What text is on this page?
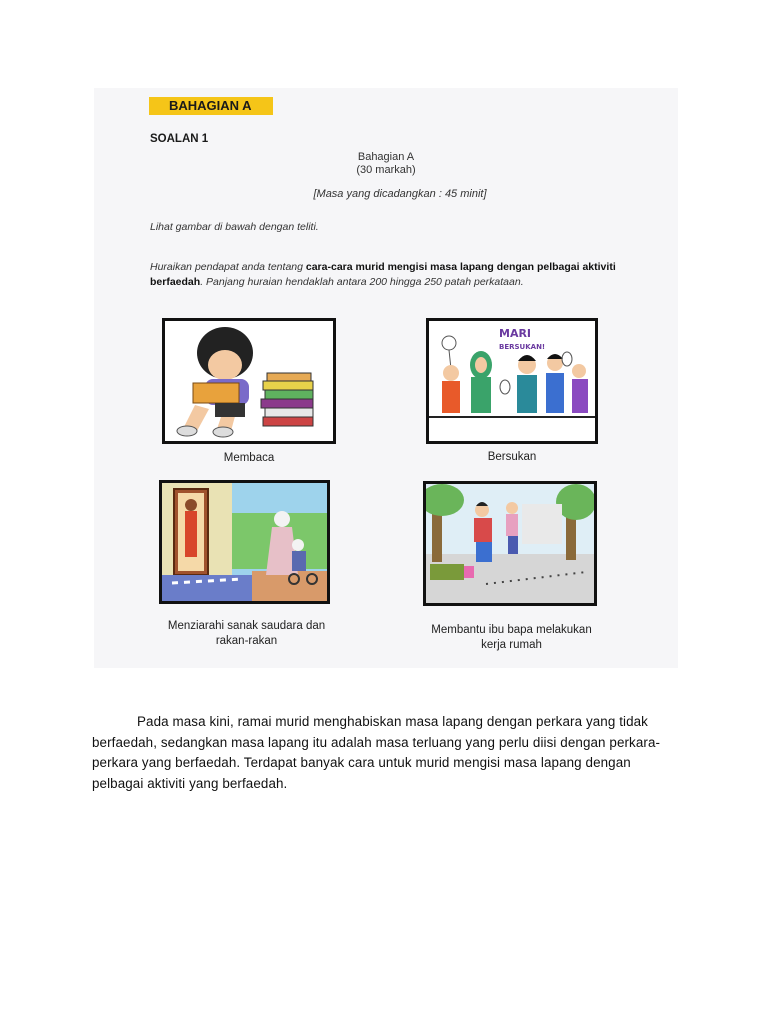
BAHAGIAN A
SOALAN 1
Bahagian A
(30 markah)
[Masa yang dicadangkan : 45 minit]
Lihat gambar di bawah dengan teliti.
Huraikan pendapat anda tentang cara-cara murid mengisi masa lapang dengan pelbagai aktiviti berfaedah. Panjang huraian hendaklah antara 200 hingga 250 patah perkataan.
Membaca
MARI
BERSUKAN!
Bersukan
Menziarahi sanak saudara dan
rakan-rakan
Membantu ibu bapa melakukan
kerja rumah
Pada masa kini, ramai murid menghabiskan masa lapang dengan perkara yang tidak berfaedah, sedangkan masa lapang itu adalah masa terluang yang perlu diisi dengan perkara-perkara yang berfaedah. Terdapat banyak cara untuk murid mengisi masa lapang dengan pelbagai aktiviti yang berfaedah.
